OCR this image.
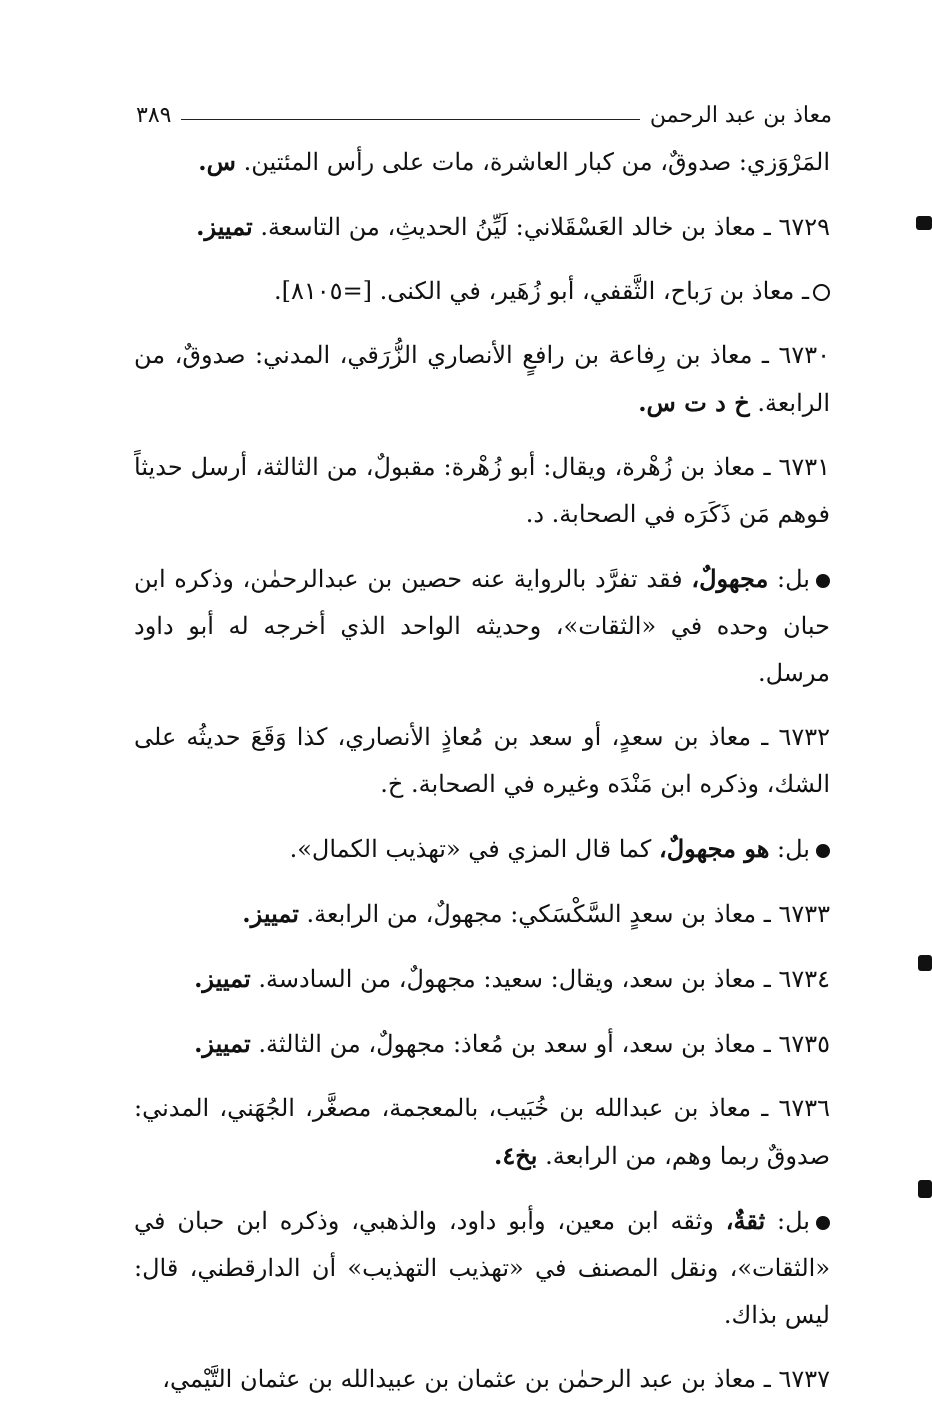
معاذ بن عبد الرحمن
٣٨٩

المَرْوَزي: صدوقٌ، من كبار العاشرة، مات على رأس المئتين. س.

٦٧٢٩ ـ معاذ بن خالد العَسْقَلاني: لَيِّنُ الحديثِ، من التاسعة. تمييز.

ـ معاذ بن رَباح، الثَّقفي، أبو زُهَير، في الكنى. [=٨١٠٥].

٦٧٣٠ ـ معاذ بن رِفاعة بن رافعٍ الأنصاري الزُّرَقي، المدني: صدوقٌ، من الرابعة. خ د ت س.

٦٧٣١ ـ معاذ بن زُهْرة، ويقال: أبو زُهْرة: مقبولٌ، من الثالثة، أرسل حديثاً فوهم مَن ذَكَرَه في الصحابة. د.

بل: مجهولٌ، فقد تفرَّد بالرواية عنه حصين بن عبدالرحمٰن، وذكره ابن حبان وحده في «الثقات»، وحديثه الواحد الذي أخرجه له أبو داود مرسل.

٦٧٣٢ ـ معاذ بن سعدٍ، أو سعد بن مُعاذٍ الأنصاري، كذا وَقَعَ حديثُه على الشك، وذكره ابن مَنْدَه وغيره في الصحابة. خ.

بل: هو مجهولٌ، كما قال المزي في «تهذيب الكمال».

٦٧٣٣ ـ معاذ بن سعدٍ السَّكْسَكي: مجهولٌ، من الرابعة. تمييز.

٦٧٣٤ ـ معاذ بن سعد، ويقال: سعيد: مجهولٌ، من السادسة. تمييز.

٦٧٣٥ ـ معاذ بن سعد، أو سعد بن مُعاذ: مجهولٌ، من الثالثة. تمييز.

٦٧٣٦ ـ معاذ بن عبدالله بن خُبَيب، بالمعجمة، مصغَّر، الجُهَني، المدني: صدوقٌ ربما وهم، من الرابعة. بخ٤.

بل: ثقةٌ، وثقه ابن معين، وأبو داود، والذهبي، وذكره ابن حبان في «الثقات»، ونقل المصنف في «تهذيب التهذيب» أن الدارقطني، قال: ليس بذاك.

٦٧٣٧ ـ معاذ بن عبد الرحمٰن بن عثمان بن عبيدالله بن عثمان التَّيْمي،
